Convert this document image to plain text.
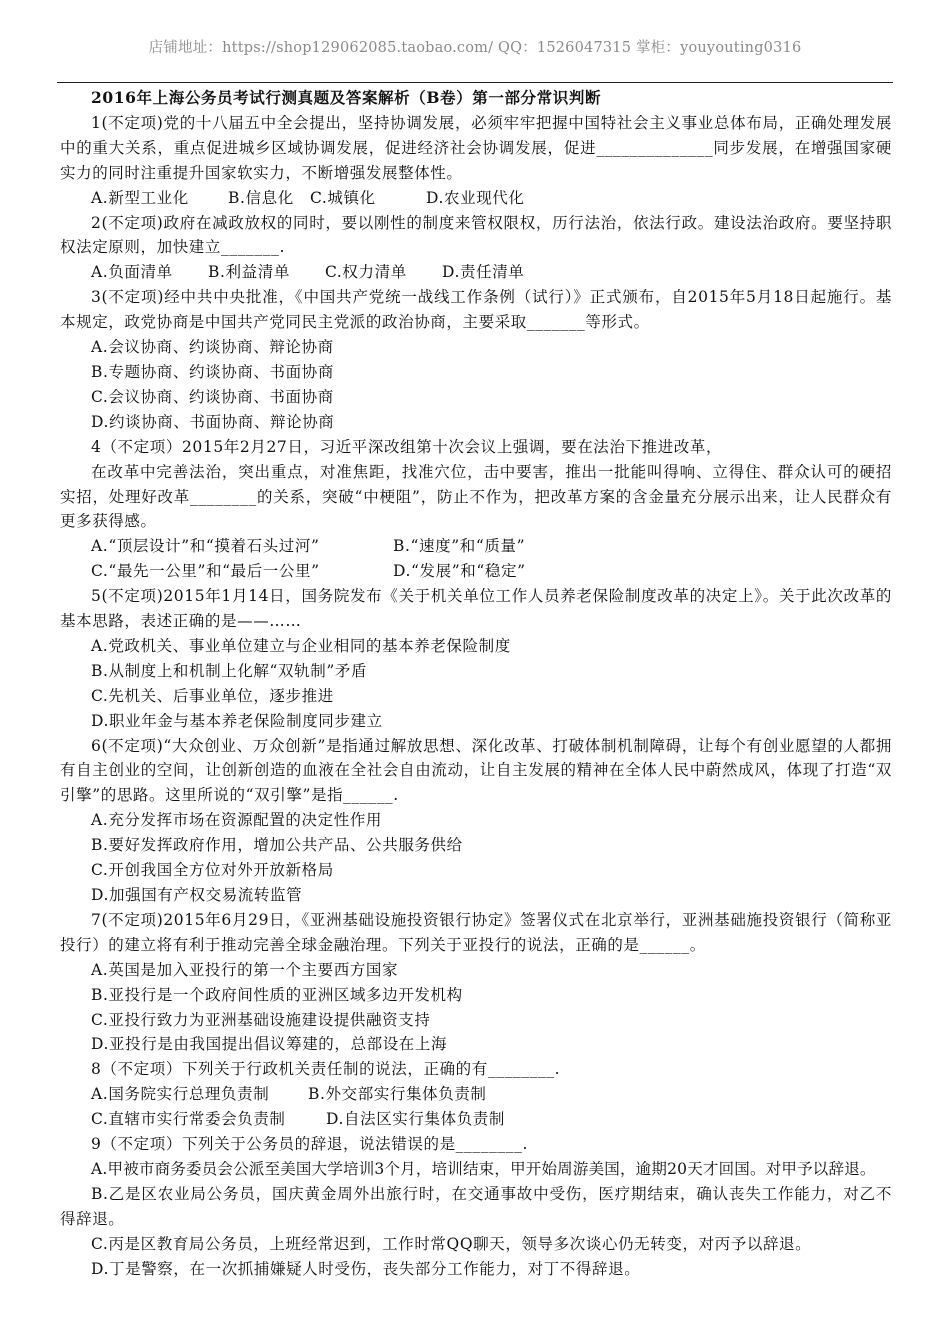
店铺地址：https://shop129062085.taobao.com/ QQ：1526047315 掌柜：youyouting0316

2016年上海公务员考试行测真题及答案解析（B卷）第一部分常识判断

1(不定项)党的十八届五中全会提出，坚持协调发展，必须牢牢把握中国特社会主义事业总体布局，正确处理发展中的重大关系，重点促进城乡区域协调发展，促进经济社会协调发展，促进______________同步发展，在增强国家硬实力的同时注重提升国家软实力，不断增强发展整体性。

A.新型工业化	B.信息化 C.城镇化	D.农业现代化

2(不定项)政府在减政放权的同时，要以刚性的制度来管权限权，历行法治，依法行政。建设法治政府。要坚持职权法定原则，加快建立_______.

A.负面清单 B.利益清单 C.权力清单 D.责任清单

3(不定项)经中共中央批准，《中国共产党统一战线工作条例（试行）》正式颁布，自2015年5月18日起施行。基本规定，政党协商是中国共产党同民主党派的政治协商，主要采取_______等形式。

A.会议协商、约谈协商、辩论协商

B.专题协商、约谈协商、书面协商

C.会议协商、约谈协商、书面协商

D.约谈协商、书面协商、辩论协商

4（不定项）2015年2月27日，习近平深改组第十次会议上强调，要在法治下推进改革，

在改革中完善法治，突出重点，对准焦距，找准穴位，击中要害，推出一批能叫得响、立得住、群众认可的硬招实招，处理好改革________的关系，突破“中梗阻”，防止不作为，把改革方案的含金量充分展示出来，让人民群众有更多获得感。

A.“顶层设计”和“摸着石头过河”	B.“速度”和“质量”

C.“最先一公里”和“最后一公里”	D.“发展”和“稳定”

5(不定项)2015年1月14日，国务院发布《关于机关单位工作人员养老保险制度改革的决定上》。关于此次改革的基本思路，表述正确的是——……

A.党政机关、事业单位建立与企业相同的基本养老保险制度

B.从制度上和机制上化解“双轨制”矛盾

C.先机关、后事业单位，逐步推进

D.职业年金与基本养老保险制度同步建立

6(不定项)“大众创业、万众创新”是指通过解放思想、深化改革、打破体制机制障碍，让每个有创业愿望的人都拥有自主创业的空间，让创新创造的血液在全社会自由流动，让自主发展的精神在全体人民中蔚然成风，体现了打造“双引擎”的思路。这里所说的“双引擎”是指______.

A.充分发挥市场在资源配置的决定性作用

B.要好发挥政府作用，增加公共产品、公共服务供给

C.开创我国全方位对外开放新格局

D.加强国有产权交易流转监管

7(不定项)2015年6月29日，《亚洲基础设施投资银行协定》签署仪式在北京举行，亚洲基础施投资银行（简称亚投行）的建立将有利于推动完善全球金融治理。下列关于亚投行的说法，正确的是______。

A.英国是加入亚投行的第一个主要西方国家

B.亚投行是一个政府间性质的亚洲区域多边开发机构

C.亚投行致力为亚洲基础设施建设提供融资支持

D.亚投行是由我国提出倡议筹建的，总部设在上海

8（不定项）下列关于行政机关责任制的说法，正确的有________.

A.国务院实行总理负责制 B.外交部实行集体负责制

C.直辖市实行常委会负责制	D.自法区实行集体负责制

9（不定项）下列关于公务员的辞退，说法错误的是________.

A.甲被市商务委员会公派至美国大学培训3个月，培训结束，甲开始周游美国，逾期20天才回国。对甲予以辞退。

B.乙是区农业局公务员，国庆黄金周外出旅行时，在交通事故中受伤，医疗期结束，确认丧失工作能力，对乙不得辞退。

C.丙是区教育局公务员，上班经常迟到，工作时常QQ聊天，领导多次谈心仍无转变，对丙予以辞退。

D.丁是警察，在一次抓捕嫌疑人时受伤，丧失部分工作能力，对丁不得辞退。
